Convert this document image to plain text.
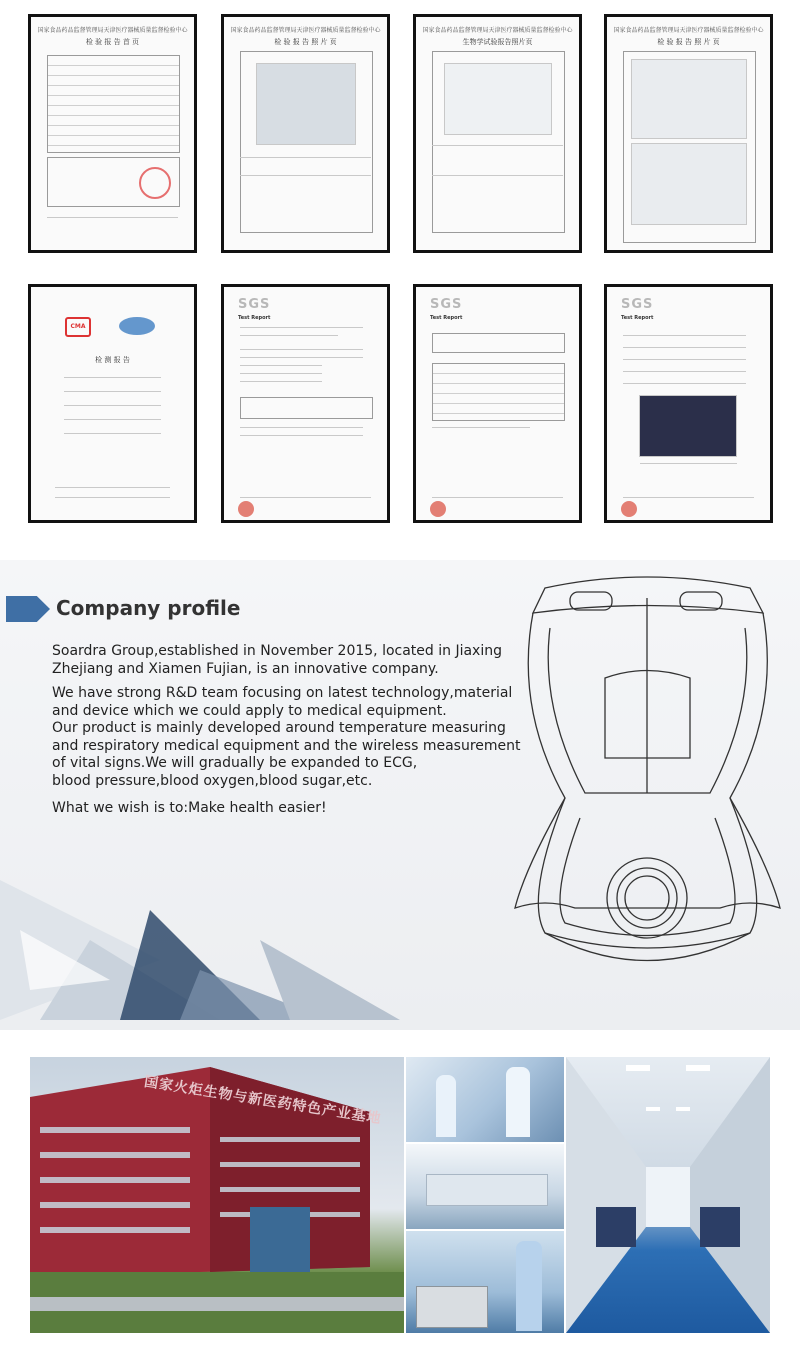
国家食品药品监督管理局天津医疗器械质量监督检验中心
检 验 报 告 首 页
国家食品药品监督管理局天津医疗器械质量监督检验中心
检 验 报 告 照 片 页
国家食品药品监督管理局天津医疗器械质量监督检验中心
生物学试验报告照片页
国家食品药品监督管理局天津医疗器械质量监督检验中心
检 验 报 告 照 片 页
CMA
检 测 报 告
SGS
Test Report
SGS
Test Report
SGS
Test Report
Company profile
Soardra Group,established in November 2015, located in Jiaxing
Zhejiang and Xiamen Fujian, is an innovative company.
We have strong R&D team focusing on latest technology,material
and device which we could apply to medical equipment.
Our product is mainly developed around temperature measuring
and respiratory medical equipment and the wireless measurement
of vital signs.We will gradually be expanded to ECG,
blood pressure,blood oxygen,blood sugar,etc.
What we wish is to:Make health easier!
国家火炬生物与新医药特色产业基地
